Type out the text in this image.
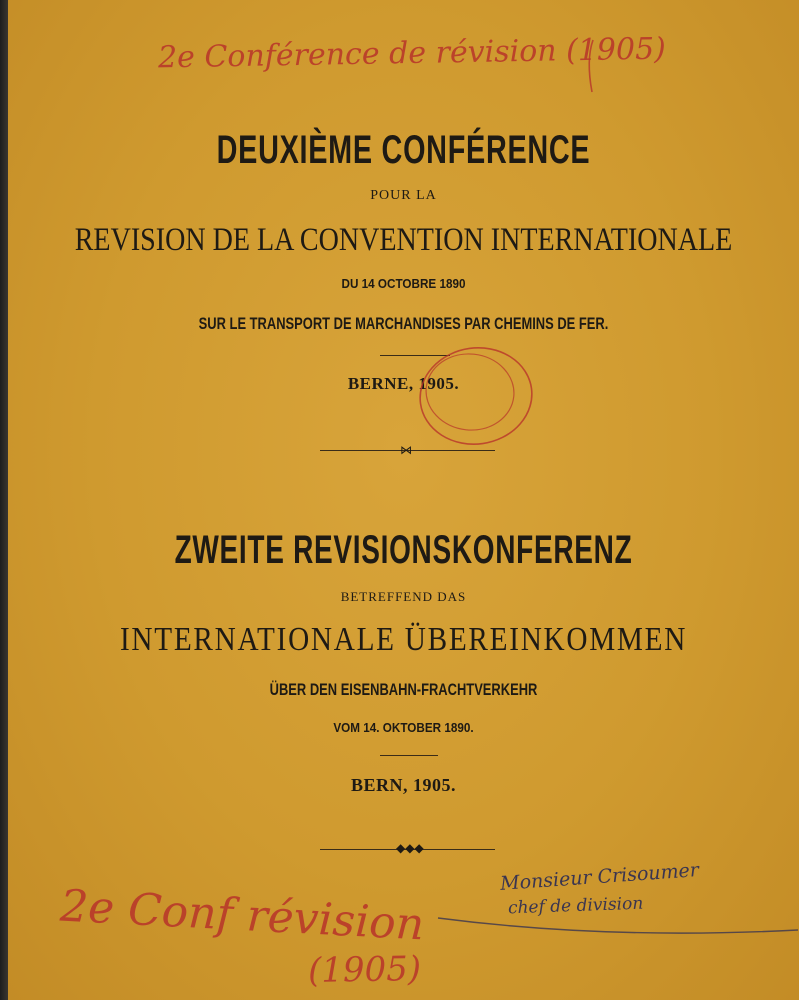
2e Conférence de révision (1905)
DEUXIÈME CONFÉRENCE
POUR LA
REVISION DE LA CONVENTION INTERNATIONALE
DU 14 OCTOBRE 1890
SUR LE TRANSPORT DE MARCHANDISES PAR CHEMINS DE FER.
BERNE, 1905.
⋈
ZWEITE REVISIONSKONFERENZ
BETREFFEND DAS
INTERNATIONALE ÜBEREINKOMMEN
ÜBER DEN EISENBAHN-FRACHTVERKEHR
VOM 14. OKTOBER 1890.
BERN, 1905.
◆◆◆
Monsieur Crisoumer
chef de division
2e Conf révision
(1905)
